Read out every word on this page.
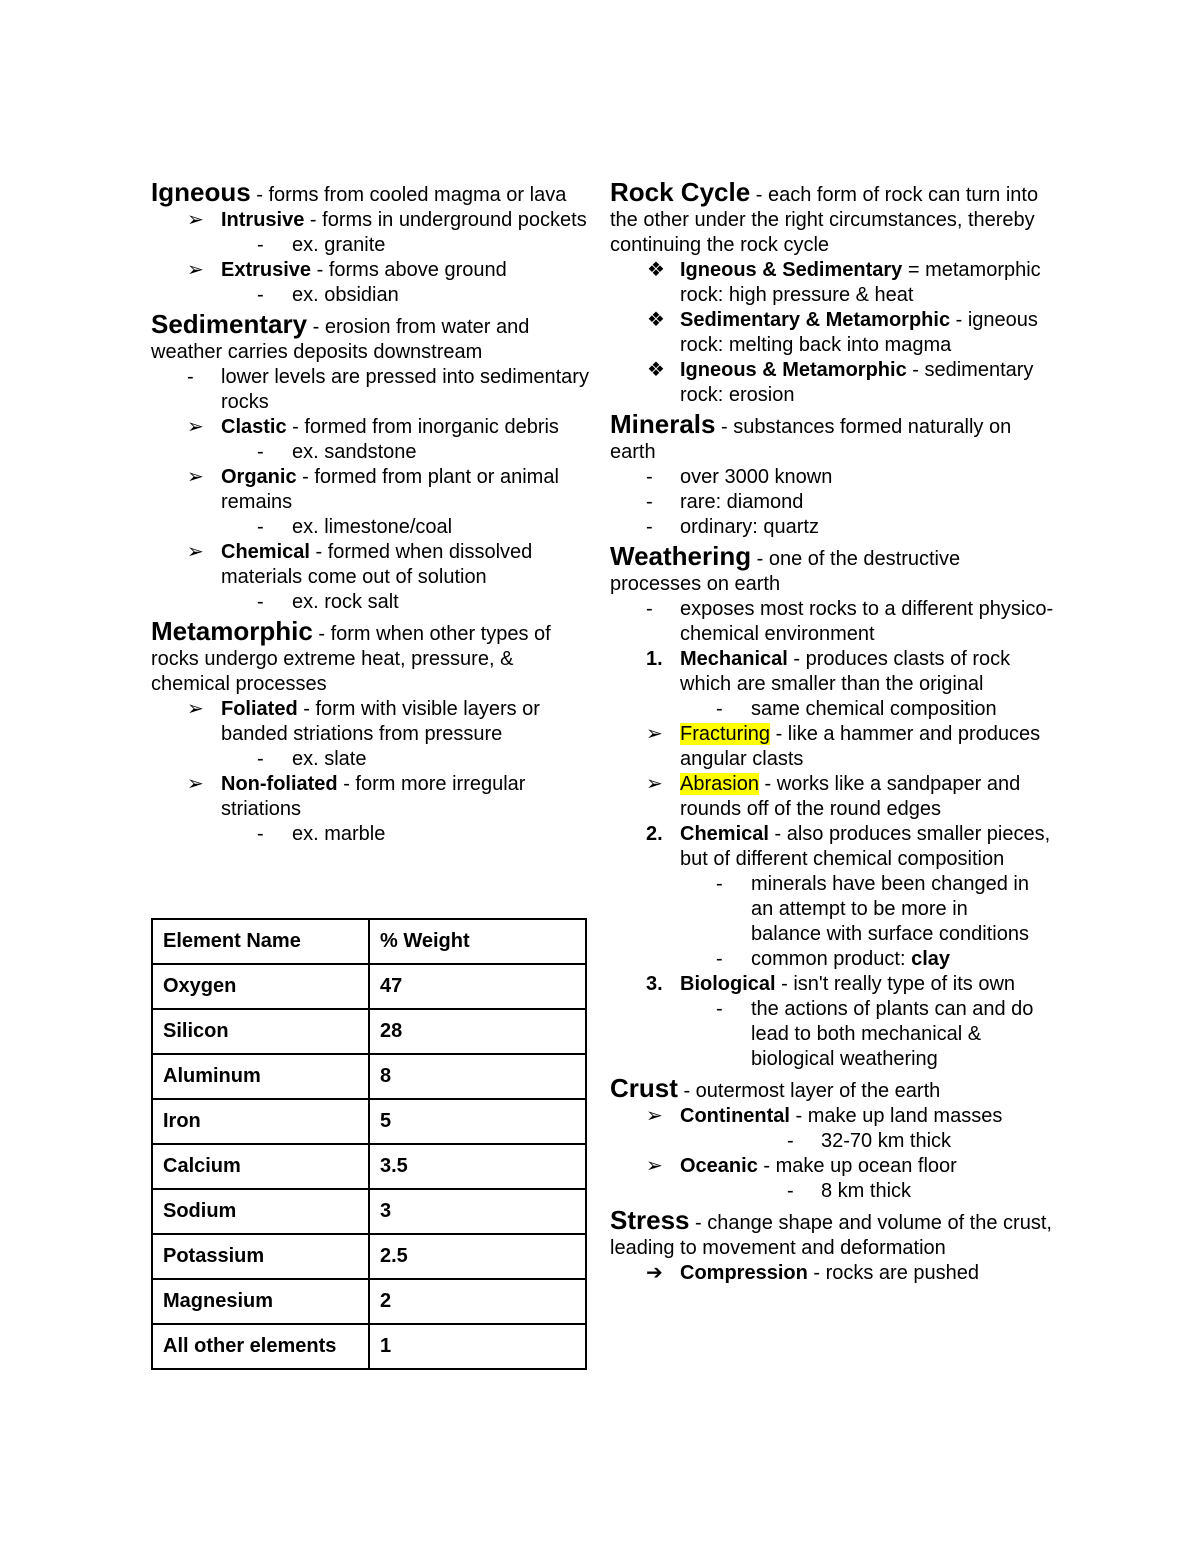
Igneous - forms from cooled magma or lava

➢ Intrusive - forms in underground pockets
- ex. granite
➢ Extrusive - forms above ground
- ex. obsidian

Sedimentary - erosion from water and weather carries deposits downstream

- lower levels are pressed into sedimentary rocks
➢ Clastic - formed from inorganic debris
- ex. sandstone
➢ Organic - formed from plant or animal remains
- ex. limestone/coal
➢ Chemical - formed when dissolved materials come out of solution
- ex. rock salt

Metamorphic - form when other types of rocks undergo extreme heat, pressure, & chemical processes

➢ Foliated - form with visible layers or banded striations from pressure
- ex. slate
➢ Non-foliated - form more irregular striations
- ex. marble
Element Name	% Weight
Oxygen	47
Silicon	28
Aluminum	8
Iron	5
Calcium	3.5
Sodium	3
Potassium	2.5
Magnesium	2
All other elements	1

Rock Cycle - each form of rock can turn into the other under the right circumstances, thereby continuing the rock cycle

❖ Igneous & Sedimentary = metamorphic rock: high pressure & heat
❖ Sedimentary & Metamorphic - igneous rock: melting back into magma
❖ Igneous & Metamorphic - sedimentary rock: erosion

Minerals - substances formed naturally on earth

- over 3000 known
- rare: diamond
- ordinary: quartz

Weathering - one of the destructive processes on earth

- exposes most rocks to a different physico-chemical environment
1. Mechanical - produces clasts of rock which are smaller than the original
- same chemical composition
➢ Fracturing - like a hammer and produces angular clasts
➢ Abrasion - works like a sandpaper and rounds off of the round edges
2. Chemical - also produces smaller pieces, but of different chemical composition
- minerals have been changed in an attempt to be more in balance with surface conditions
- common product: clay
3. Biological - isn't really type of its own
- the actions of plants can and do lead to both mechanical & biological weathering

Crust - outermost layer of the earth

➢ Continental - make up land masses
- 32-70 km thick
➢ Oceanic - make up ocean floor
- 8 km thick

Stress - change shape and volume of the crust, leading to movement and deformation

➔ Compression - rocks are pushed
